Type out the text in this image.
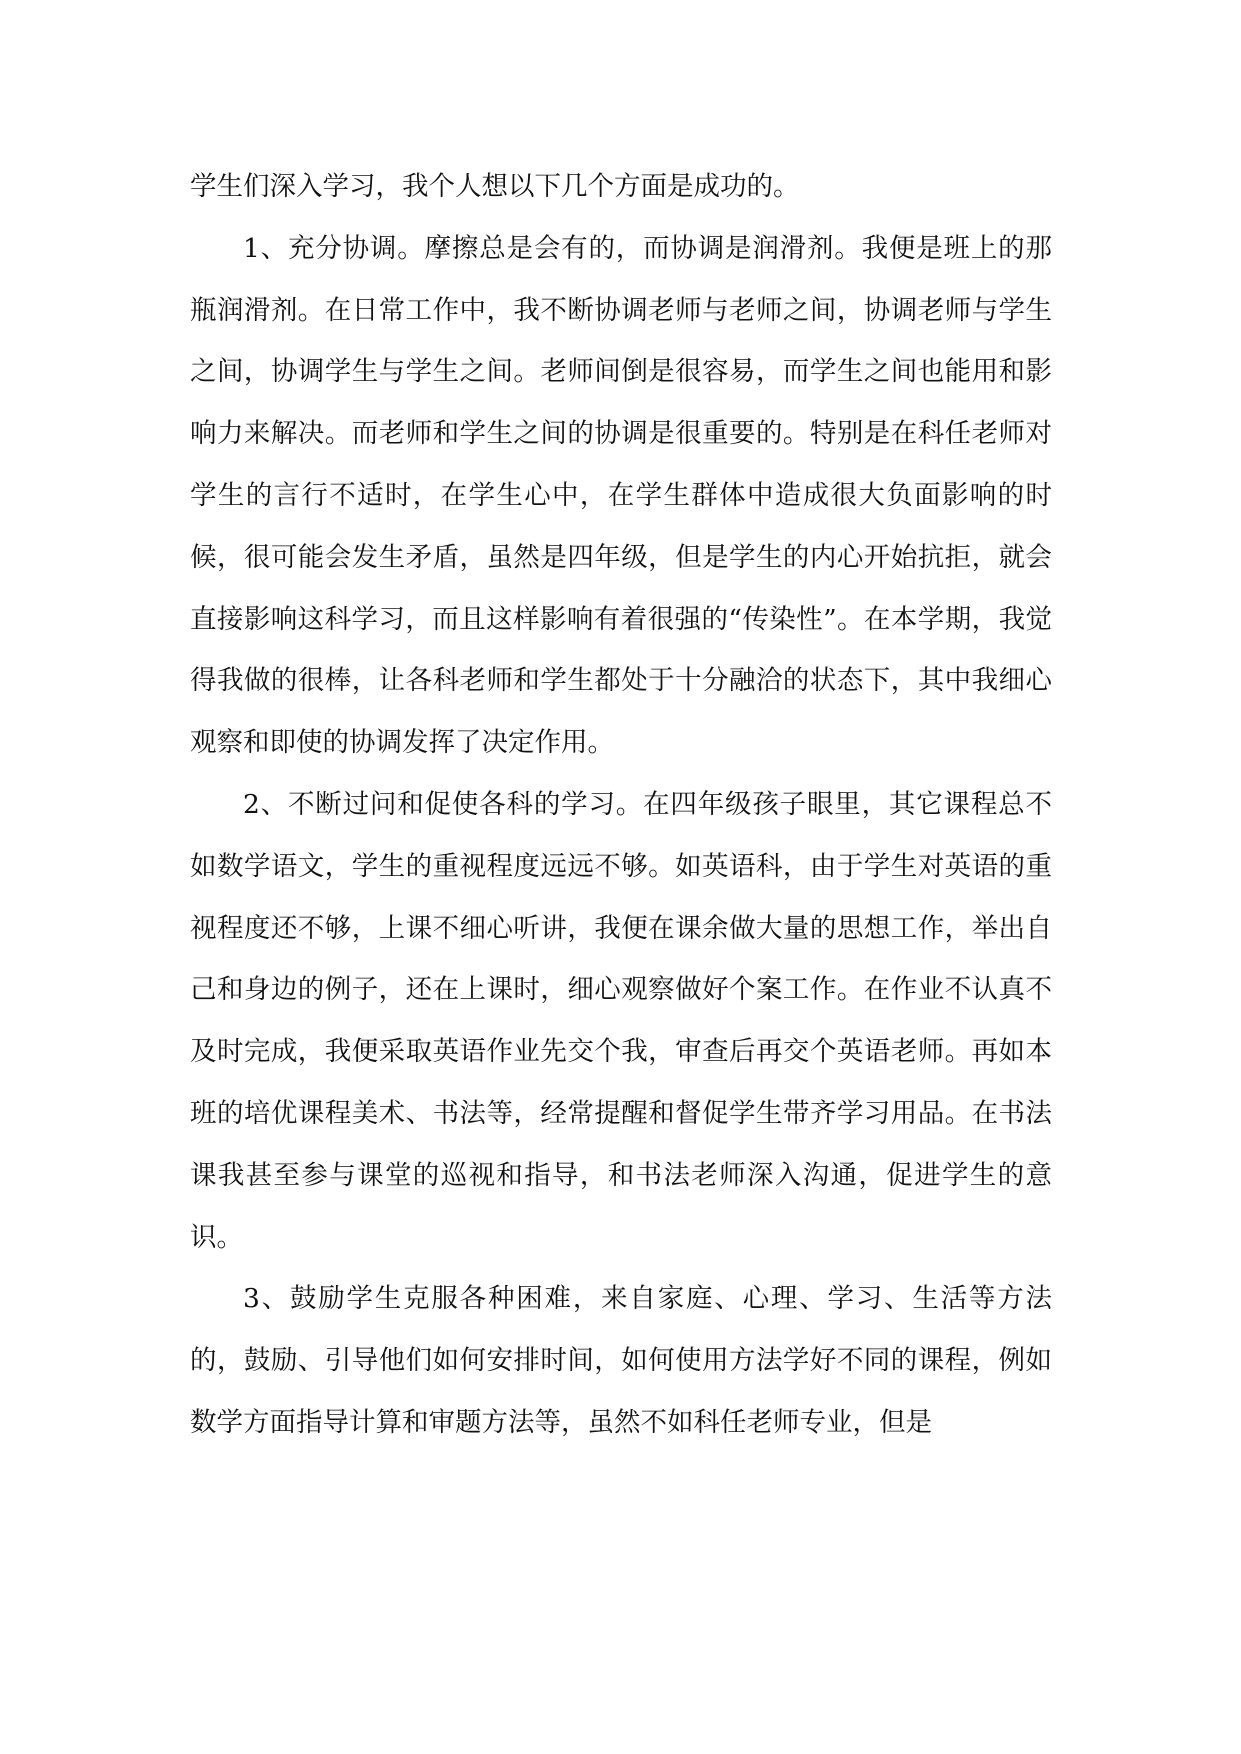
学生们深入学习，我个人想以下几个方面是成功的。

1、充分协调。摩擦总是会有的，而协调是润滑剂。我便是班上的那瓶润滑剂。在日常工作中，我不断协调老师与老师之间，协调老师与学生之间，协调学生与学生之间。老师间倒是很容易，而学生之间也能用和影响力来解决。而老师和学生之间的协调是很重要的。特别是在科任老师对学生的言行不适时，在学生心中，在学生群体中造成很大负面影响的时候，很可能会发生矛盾，虽然是四年级，但是学生的内心开始抗拒，就会直接影响这科学习，而且这样影响有着很强的“传染性”。在本学期，我觉得我做的很棒，让各科老师和学生都处于十分融洽的状态下，其中我细心观察和即使的协调发挥了决定作用。

2、不断过问和促使各科的学习。在四年级孩子眼里，其它课程总不如数学语文，学生的重视程度远远不够。如英语科，由于学生对英语的重视程度还不够，上课不细心听讲，我便在课余做大量的思想工作，举出自己和身边的例子，还在上课时，细心观察做好个案工作。在作业不认真不及时完成，我便采取英语作业先交个我，审查后再交个英语老师。再如本班的培优课程美术、书法等，经常提醒和督促学生带齐学习用品。在书法课我甚至参与课堂的巡视和指导，和书法老师深入沟通，促进学生的意识。

3、鼓励学生克服各种困难，来自家庭、心理、学习、生活等方法的，鼓励、引导他们如何安排时间，如何使用方法学好不同的课程，例如数学方面指导计算和审题方法等，虽然不如科任老师专业，但是
